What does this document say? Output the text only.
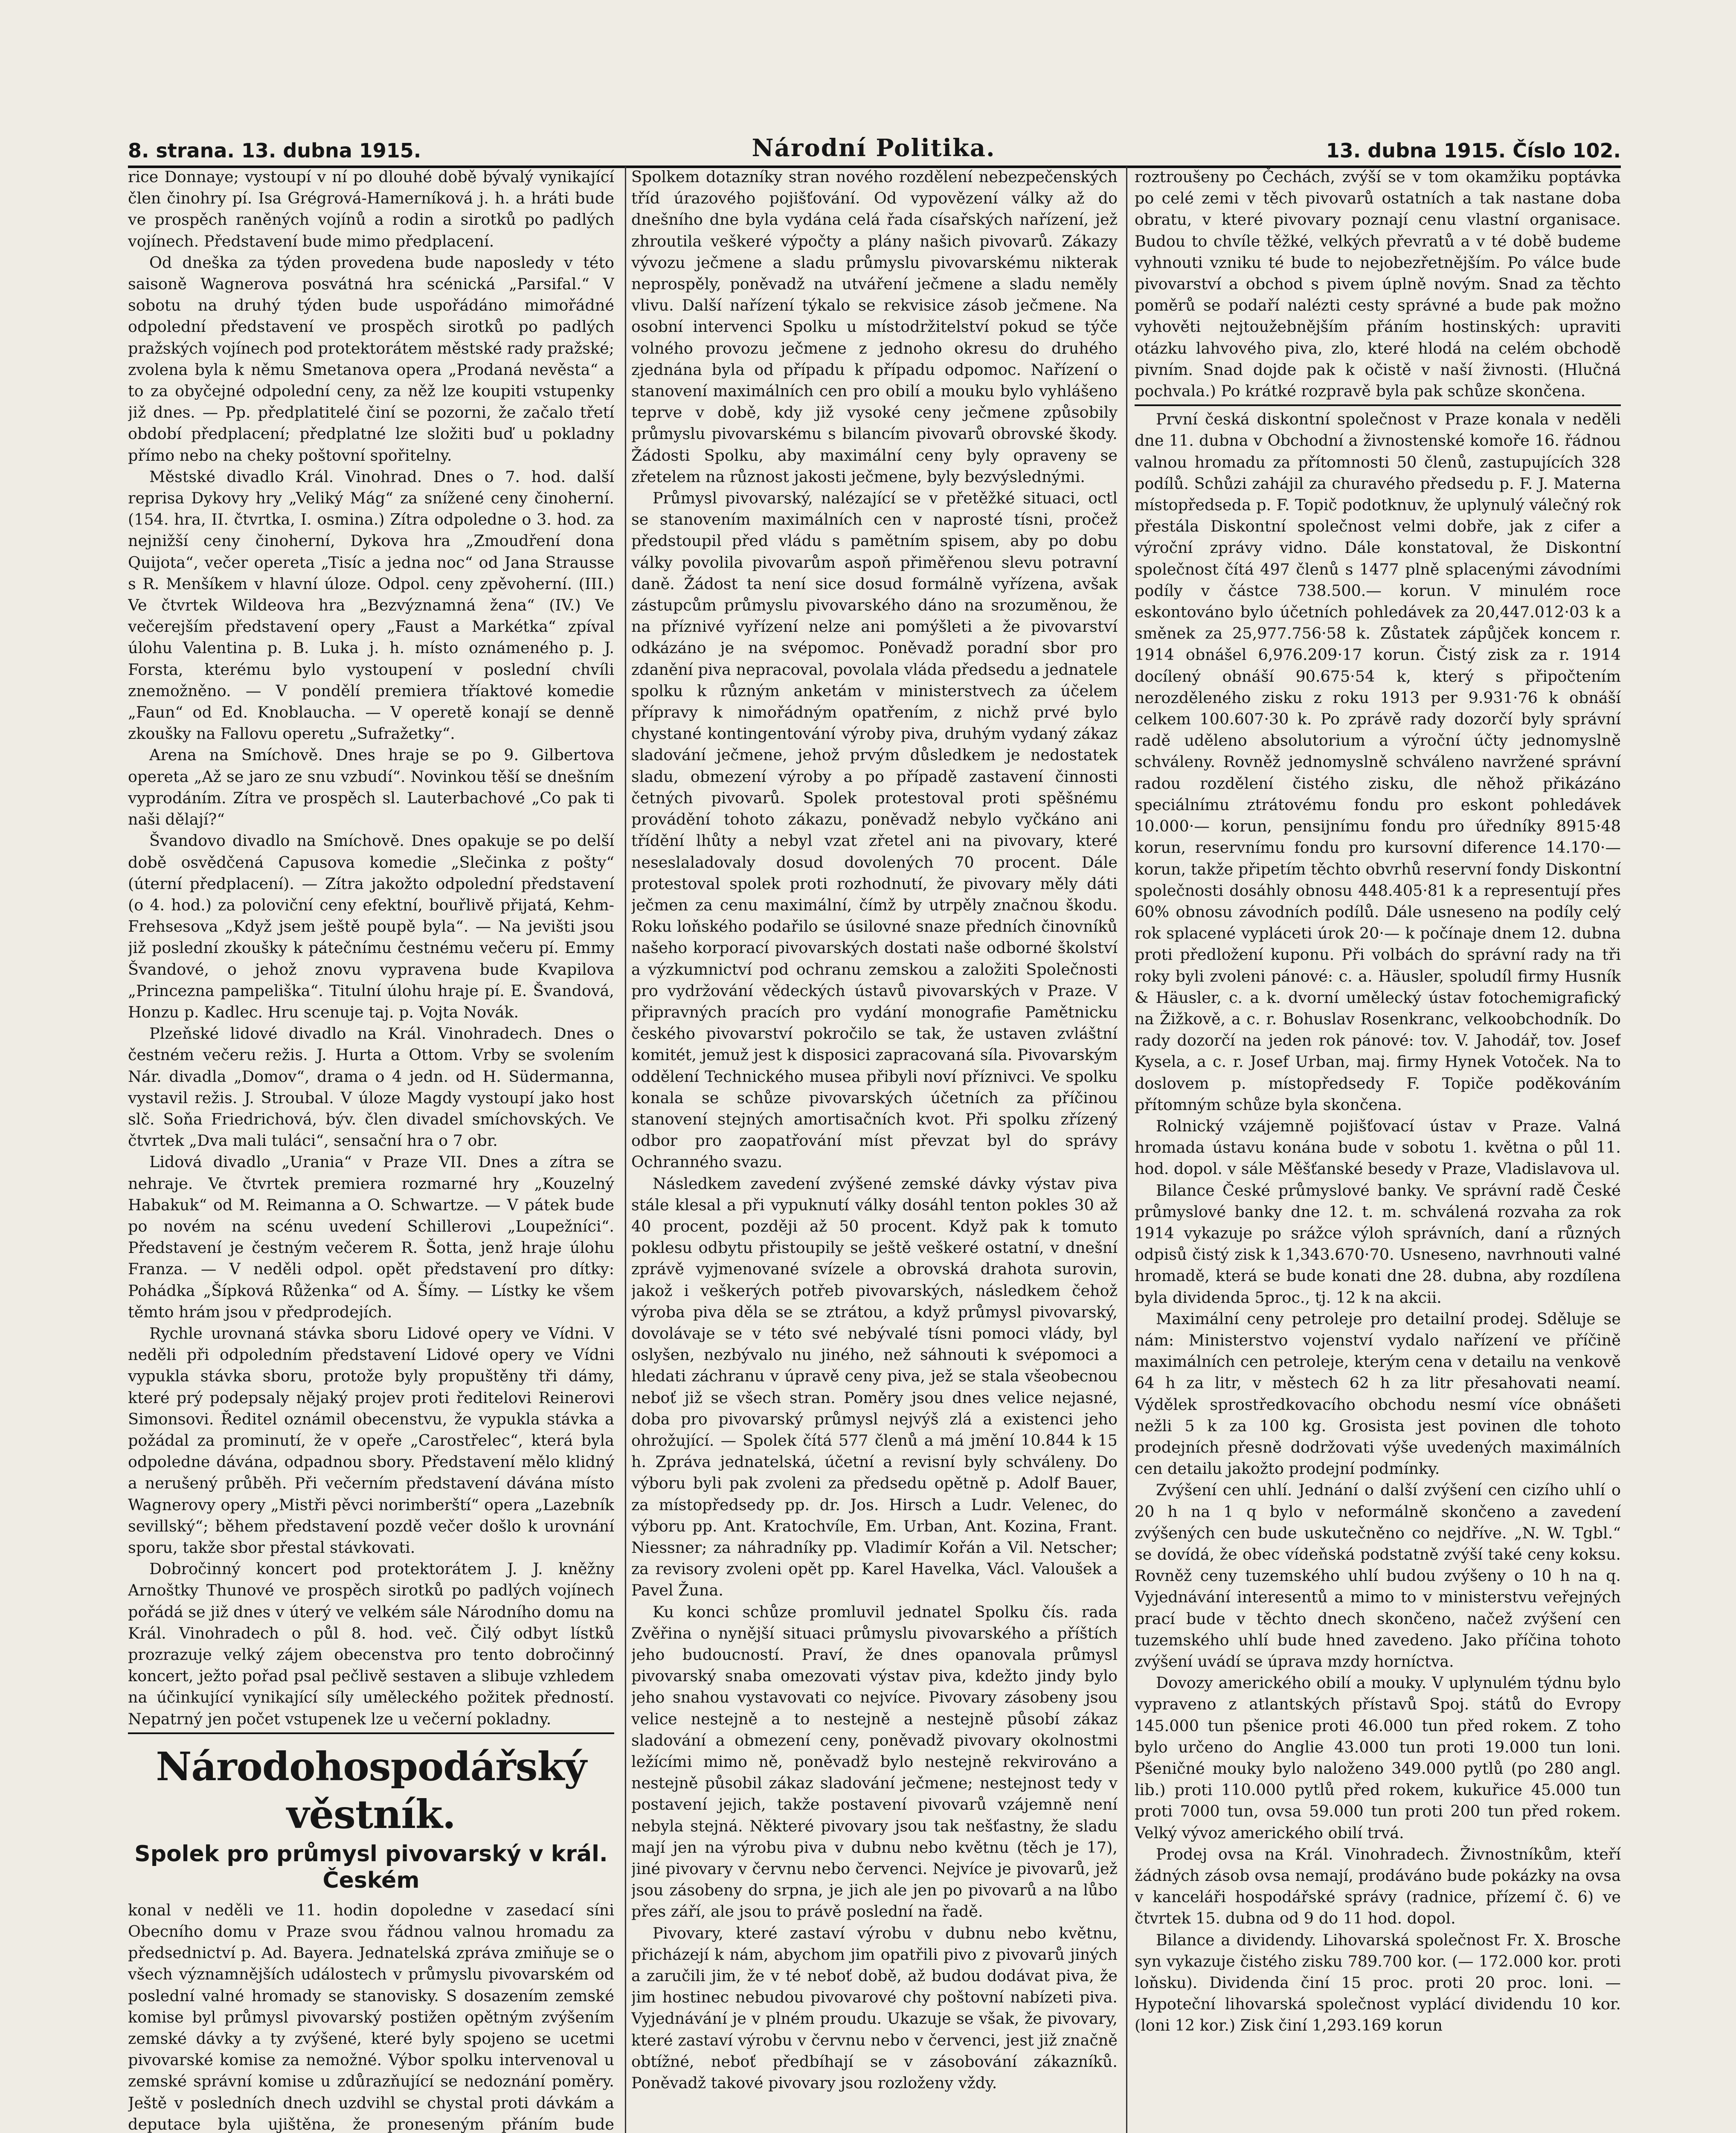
8. strana. 13. dubna 1915.	Národní Politika.	13. dubna 1915. Číslo 102.

rice Donnaye; vystoupí v ní po dlouhé době bývalý vynikající člen činohry pí. Isa Grégrová-Hamerníková j. h. a hráti bude ve prospěch raněných vojínů a rodin a sirotků po padlých vojínech. Představení bude mimo předplacení.

Od dneška za týden provedena bude naposledy v této saisoně Wagnerova posvátná hra scénická „Parsifal.“ V sobotu na druhý týden bude uspořádáno mimořádné odpolední představení ve prospěch sirotků po padlých pražských vojínech pod protektorátem městské rady pražské; zvolena byla k němu Smetanova opera „Prodaná nevěsta“ a to za obyčejné odpolední ceny, za něž lze koupiti vstupenky již dnes. — Pp. předplatitelé činí se pozorni, že začalo třetí období předplacení; předplatné lze složiti buď u pokladny přímo nebo na cheky poštovní spořitelny.

Městské divadlo Král. Vinohrad. Dnes o 7. hod. další reprisa Dykovy hry „Veliký Mág“ za snížené ceny činoherní. (154. hra, II. čtvrtka, I. osmina.) Zítra odpoledne o 3. hod. za nejnižší ceny činoherní, Dykova hra „Zmoudření dona Quijota“, večer opereta „Tisíc a jedna noc“ od Jana Strausse s R. Menšíkem v hlavní úloze. Odpol. ceny zpěvoherní. (III.) Ve čtvrtek Wildeova hra „Bezvýznamná žena“ (IV.) Ve večerejším představení opery „Faust a Markétka“ zpíval úlohu Valentina p. B. Luka j. h. místo oznámeného p. J. Forsta, kterému bylo vystoupení v poslední chvíli znemožněno. — V pondělí premiera tříaktové komedie „Faun“ od Ed. Knoblaucha. — V operetě konají se denně zkoušky na Fallovu operetu „Sufražetky“.

Arena na Smíchově. Dnes hraje se po 9. Gilbertova opereta „Až se jaro ze snu vzbudí“. Novinkou těší se dnešním vyprodáním. Zítra ve prospěch sl. Lauterbachové „Co pak ti naši dělají?“

Švandovo divadlo na Smíchově. Dnes opakuje se po delší době osvědčená Capusova komedie „Slečinka z pošty“ (úterní předplacení). — Zítra jakožto odpolední představení (o 4. hod.) za poloviční ceny efektní, bouřlivě přijatá, Kehm-Frehsesova „Když jsem ještě poupě byla“. — Na jevišti jsou již poslední zkoušky k pátečnímu čestnému večeru pí. Emmy Švandové, o jehož znovu vypravena bude Kvapilova „Princezna pampeliška“. Titulní úlohu hraje pí. E. Švandová, Honzu p. Kadlec. Hru scenuje taj. p. Vojta Novák.

Plzeňské lidové divadlo na Král. Vinohradech. Dnes o čestném večeru režis. J. Hurta a Ottom. Vrby se svolením Nár. divadla „Domov“, drama o 4 jedn. od H. Südermanna, vystavil režis. J. Stroubal. V úloze Magdy vystoupí jako host slč. Soňa Friedrichová, býv. člen divadel smíchovských. Ve čtvrtek „Dva mali tuláci“, sensační hra o 7 obr.

Lidová divadlo „Urania“ v Praze VII. Dnes a zítra se nehraje. Ve čtvrtek premiera rozmarné hry „Kouzelný Habakuk“ od M. Reimanna a O. Schwartze. — V pátek bude po novém na scénu uvedení Schillerovi „Loupežníci“. Představení je čestným večerem R. Šotta, jenž hraje úlohu Franza. — V neděli odpol. opět představení pro dítky: Pohádka „Šípková Růženka“ od A. Šímy. — Lístky ke všem těmto hrám jsou v předprodejích.

Rychle urovnaná stávka sboru Lidové opery ve Vídni. V neděli při odpoledním představení Lidové opery ve Vídni vypukla stávka sboru, protože byly propuštěny tři dámy, které prý podepsaly nějaký projev proti ředitelovi Reinerovi Simonsovi. Ředitel oznámil obecenstvu, že vypukla stávka a požádal za prominutí, že v opeře „Carostřelec“, která byla odpoledne dávána, odpadnou sbory. Představení mělo klidný a nerušený průběh. Při večerním představení dávána místo Wagnerovy opery „Mistři pěvci norimberští“ opera „Lazebník sevillský“; během představení pozdě večer došlo k urovnání sporu, takže sbor přestal stávkovati.

Dobročinný koncert pod protektorátem J. J. kněžny Arnoštky Thunové ve prospěch sirotků po padlých vojínech pořádá se již dnes v úterý ve velkém sále Národního domu na Král. Vinohradech o půl 8. hod. več. Čilý odbyt lístků prozrazuje velký zájem obecenstva pro tento dobročinný koncert, ježto pořad psal pečlivě sestaven a slibuje vzhledem na účinkující vynikající síly uměleckého požitek předností. Nepatrný jen počet vstupenek lze u večerní pokladny.

Národohospodářský věstník.
Spolek pro průmysl pivovarský v král. Českém

konal v neděli ve 11. hodin dopoledne v zasedací síni Obecního domu v Praze svou řádnou valnou hromadu za předsednictví p. Ad. Bayera. Jednatelská zpráva zmiňuje se o všech významnějších událostech v průmyslu pivovarském od poslední valné hromady se stanovisky. S dosazením zemské komise byl průmysl pivovarský postižen opětným zvýšením zemské dávky a ty zvýšené, které byly spojeno se ucetmi pivovarské komise za nemožné. Výbor spolku intervenoval u zemské správní komise u zdůrazňující se nedoznání poměry. Ještě v posledních dnech uzdvihl se chystal proti dávkám a deputace byla ujištěna, že proneseným přáním bude

Spolkem dotazníky stran nového rozdělení nebezpečenských tříd úrazového pojišťování. Od vypovězení války až do dnešního dne byla vydána celá řada císařských nařízení, jež zhroutila veškeré výpočty a plány našich pivovarů. Zákazy vývozu ječmene a sladu průmyslu pivovarskému nikterak neprospěly, poněvadž na utváření ječmene a sladu neměly vlivu. Další nařízení týkalo se rekvisice zásob ječmene. Na osobní intervenci Spolku u místodržitelství pokud se týče volného provozu ječmene z jednoho okresu do druhého zjednána byla od případu k případu odpomoc. Nařízení o stanovení maximálních cen pro obilí a mouku bylo vyhlášeno teprve v době, kdy již vysoké ceny ječmene způsobily průmyslu pivovarskému s bilancím pivovarů obrovské škody. Žádosti Spolku, aby maximální ceny byly opraveny se zřetelem na různost jakosti ječmene, byly bezvýslednými.

Průmysl pivovarský, nalézající se v přetěžké situaci, octl se stanovením maximálních cen v naprosté tísni, pročež předstoupil před vládu s pamětním spisem, aby po dobu války povolila pivovarům aspoň přiměřenou slevu potravní daně. Žádost ta není sice dosud formálně vyřízena, avšak zástupcům průmyslu pivovarského dáno na srozuměnou, že na příznivé vyřízení nelze ani pomýšleti a že pivovarství odkázáno je na svépomoc. Poněvadž poradní sbor pro zdanění piva nepracoval, povolala vláda předsedu a jednatele spolku k různým anketám v ministerstvech za účelem přípravy k nimořádným opatřením, z nichž prvé bylo chystané kontingentování výroby piva, druhým vydaný zákaz sladování ječmene, jehož prvým důsledkem je nedostatek sladu, obmezení výroby a po případě zastavení činnosti četných pivovarů. Spolek protestoval proti spěšnému provádění tohoto zákazu, poněvadž nebylo vyčkáno ani třídění lhůty a nebyl vzat zřetel ani na pivovary, které neseslaladovaly dosud dovolených 70 procent. Dále protestoval spolek proti rozhodnutí, že pivovary měly dáti ječmen za cenu maximální, čímž by utrpěly značnou škodu. Roku loňského podařilo se úsilovné snaze předních činovníků našeho korporací pivovarských dostati naše odborné školství a výzkumnictví pod ochranu zemskou a založiti Společnosti pro vydržování vědeckých ústavů pivovarských v Praze. V připravných pracích pro vydání monografie Pamětnicku českého pivovarství pokročilo se tak, že ustaven zvláštní komitét, jemuž jest k disposici zapracovaná síla. Pivovarským oddělení Technického musea přibyli noví příznivci. Ve spolku konala se schůze pivovarských účetních za příčinou stanovení stejných amortisačních kvot. Při spolku zřízený odbor pro zaopatřování míst převzat byl do správy Ochranného svazu.

Následkem zavedení zvýšené zemské dávky výstav piva stále klesal a při vypuknutí války dosáhl tenton pokles 30 až 40 procent, později až 50 procent. Když pak k tomuto poklesu odbytu přistoupily se ještě veškeré ostatní, v dnešní zprávě vyjmenované svízele a obrovská drahota surovin, jakož i veškerých potřeb pivovarských, následkem čehož výroba piva děla se se ztrátou, a když průmysl pivovarský, dovolávaje se v této své nebývalé tísni pomoci vlády, byl oslyšen, nezbývalo nu jiného, než sáhnouti k svépomoci a hledati záchranu v úpravě ceny piva, jež se stala všeobecnou neboť již se všech stran. Poměry jsou dnes velice nejasné, doba pro pivovarský průmysl nejvýš zlá a existenci jeho ohrožující. — Spolek čítá 577 členů a má jmění 10.844 k 15 h. Zpráva jednatelská, účetní a revisní byly schváleny. Do výboru byli pak zvoleni za předsedu opětně p. Adolf Bauer, za místopředsedy pp. dr. Jos. Hirsch a Ludr. Velenec, do výboru pp. Ant. Kratochvíle, Em. Urban, Ant. Kozina, Frant. Niessner; za náhradníky pp. Vladimír Kořán a Vil. Netscher; za revisory zvoleni opět pp. Karel Havelka, Václ. Valoušek a Pavel Žuna.

Ku konci schůze promluvil jednatel Spolku čís. rada Zvěřina o nynější situaci průmyslu pivovarského a příštích jeho budoucností. Praví, že dnes opanovala průmysl pivovarský snaba omezovati výstav piva, kdežto jindy bylo jeho snahou vystavovati co nejvíce. Pivovary zásobeny jsou velice nestejně a to nestejně a nestejně působí zákaz sladování a obmezení ceny, poněvadž pivovary okolnostmi ležícími mimo ně, poněvadž bylo nestejně rekvirováno a nestejně působil zákaz sladování ječmene; nestejnost tedy v postavení jejich, takže postavení pivovarů vzájemně není nebyla stejná. Některé pivovary jsou tak nešťastny, že sladu mají jen na výrobu piva v dubnu nebo květnu (těch je 17), jiné pivovary v červnu nebo červenci. Nejvíce je pivovarů, jež jsou zásobeny do srpna, je jich ale jen po pivovarů a na lůbo přes září, ale jsou to právě poslední na řadě.

Pivovary, které zastaví výrobu v dubnu nebo květnu, přicházejí k nám, abychom jim opatřili pivo z pivovarů jiných a zaručili jim, že v té neboť době, až budou dodávat piva, že jim hostinec nebudou pivovarové chy poštovní nabízeti piva. Vyjednávání je v plném proudu. Ukazuje se však, že pivovary, které zastaví výrobu v červnu nebo v červenci, jest již značně obtížné, neboť předbíhají se v zásobování zákazníků. Poněvadž takové pivovary jsou rozloženy vždy.

roztroušeny po Čechách, zvýší se v tom okamžiku poptávka po celé zemi v těch pivovarů ostatních a tak nastane doba obratu, v které pivovary poznají cenu vlastní organisace. Budou to chvíle těžké, velkých převratů a v té době budeme vyhnouti vzniku té bude to nejobezřetnějším. Po válce bude pivovarství a obchod s pivem úplně novým. Snad za těchto poměrů se podaří nalézti cesty správné a bude pak možno vyhověti nejtoužebnějším přáním hostinských: upraviti otázku lahvového piva, zlo, které hlodá na celém obchodě pivním. Snad dojde pak k očistě v naší živnosti. (Hlučná pochvala.) Po krátké rozpravě byla pak schůze skončena.

První česká diskontní společnost v Praze konala v neděli dne 11. dubna v Obchodní a živnostenské komoře 16. řádnou valnou hromadu za přítomnosti 50 členů, zastupujících 328 podílů. Schůzi zahájil za churavého předsedu p. F. J. Materna místopředseda p. F. Topič podotknuv, že uplynulý válečný rok přestála Diskontní společnost velmi dobře, jak z cifer a výroční zprávy vidno. Dále konstatoval, že Diskontní společnost čítá 497 členů s 1477 plně splacenými závodními podíly v částce 738.500.— korun. V minulém roce eskontováno bylo účetních pohledávek za 20,447.012·03 k a směnek za 25,977.756·58 k. Zůstatek zápůjček koncem r. 1914 obnášel 6,976.209·17 korun. Čistý zisk za r. 1914 docílený obnáší 90.675·54 k, který s připočtením nerozděleného zisku z roku 1913 per 9.931·76 k obnáší celkem 100.607·30 k. Po zprávě rady dozorčí byly správní radě uděleno absolutorium a výroční účty jednomyslně schváleny. Rovněž jednomyslně schváleno navržené správní radou rozdělení čistého zisku, dle něhož přikázáno speciálnímu ztrátovému fondu pro eskont pohledávek 10.000·— korun, pensijnímu fondu pro úředníky 8915·48 korun, reservnímu fondu pro kursovní diference 14.170·— korun, takže připetím těchto obvrhů reservní fondy Diskontní společnosti dosáhly obnosu 448.405·81 k a representují přes 60% obnosu závodních podílů. Dále usneseno na podíly celý rok splacené vypláceti úrok 20·— k počínaje dnem 12. dubna proti předložení kuponu. Při volbách do správní rady na tři roky byli zvoleni pánové: c. a. Häusler, spoludíl firmy Husník & Häusler, c. a k. dvorní umělecký ústav fotochemigrafický na Žižkově, a c. r. Bohuslav Rosenkranc, velkoobchodník. Do rady dozorčí na jeden rok pánové: tov. V. Jahodář, tov. Josef Kysela, a c. r. Josef Urban, maj. firmy Hynek Votoček. Na to doslovem p. místopředsedy F. Topiče poděkováním přítomným schůze byla skončena.

Rolnický vzájemně pojišťovací ústav v Praze. Valná hromada ústavu konána bude v sobotu 1. května o půl 11. hod. dopol. v sále Měšťanské besedy v Praze, Vladislavova ul.

Bilance České průmyslové banky. Ve správní radě České průmyslové banky dne 12. t. m. schválená rozvaha za rok 1914 vykazuje po srážce výloh správních, daní a různých odpisů čistý zisk k 1,343.670·70. Usneseno, navrhnouti valné hromadě, která se bude konati dne 28. dubna, aby rozdílena byla dividenda 5proc., tj. 12 k na akcii.

Maximální ceny petroleje pro detailní prodej. Sděluje se nám: Ministerstvo vojenství vydalo nařízení ve příčině maximálních cen petroleje, kterým cena v detailu na venkově 64 h za litr, v městech 62 h za litr přesahovati neamí. Výdělek sprostředkovacího obchodu nesmí více obnášeti nežli 5 k za 100 kg. Grosista jest povinen dle tohoto prodejních přesně dodržovati výše uvedených maximálních cen detailu jakožto prodejní podmínky.

Zvýšení cen uhlí. Jednání o další zvýšení cen cizího uhlí o 20 h na 1 q bylo v neformálně skončeno a zavedení zvýšených cen bude uskutečněno co nejdříve. „N. W. Tgbl.“ se dovídá, že obec vídeňská podstatně zvýší také ceny koksu. Rovněž ceny tuzemského uhlí budou zvýšeny o 10 h na q. Vyjednávání interesentů a mimo to v ministerstvu veřejných prací bude v těchto dnech skončeno, načež zvýšení cen tuzemského uhlí bude hned zavedeno. Jako příčina tohoto zvýšení uvádí se úprava mzdy horníctva.

Dovozy amerického obilí a mouky. V uplynulém týdnu bylo vypraveno z atlantských přístavů Spoj. států do Evropy 145.000 tun pšenice proti 46.000 tun před rokem. Z toho bylo určeno do Anglie 43.000 tun proti 19.000 tun loni. Pšeničné mouky bylo naloženo 349.000 pytlů (po 280 angl. lib.) proti 110.000 pytlů před rokem, kukuřice 45.000 tun proti 7000 tun, ovsa 59.000 tun proti 200 tun před rokem. Velký vývoz amerického obilí trvá.

Prodej ovsa na Král. Vinohradech. Živnostníkům, kteří žádných zásob ovsa nemají, prodáváno bude pokázky na ovsa v kanceláři hospodářské správy (radnice, přízemí č. 6) ve čtvrtek 15. dubna od 9 do 11 hod. dopol.

Bilance a dividendy. Lihovarská společnost Fr. X. Brosche syn vykazuje čistého zisku 789.700 kor. (— 172.000 kor. proti loňsku). Dividenda činí 15 proc. proti 20 proc. loni. — Hypoteční lihovarská společnost vyplácí dividendu 10 kor. (loni 12 kor.) Zisk činí 1,293.169 korun
